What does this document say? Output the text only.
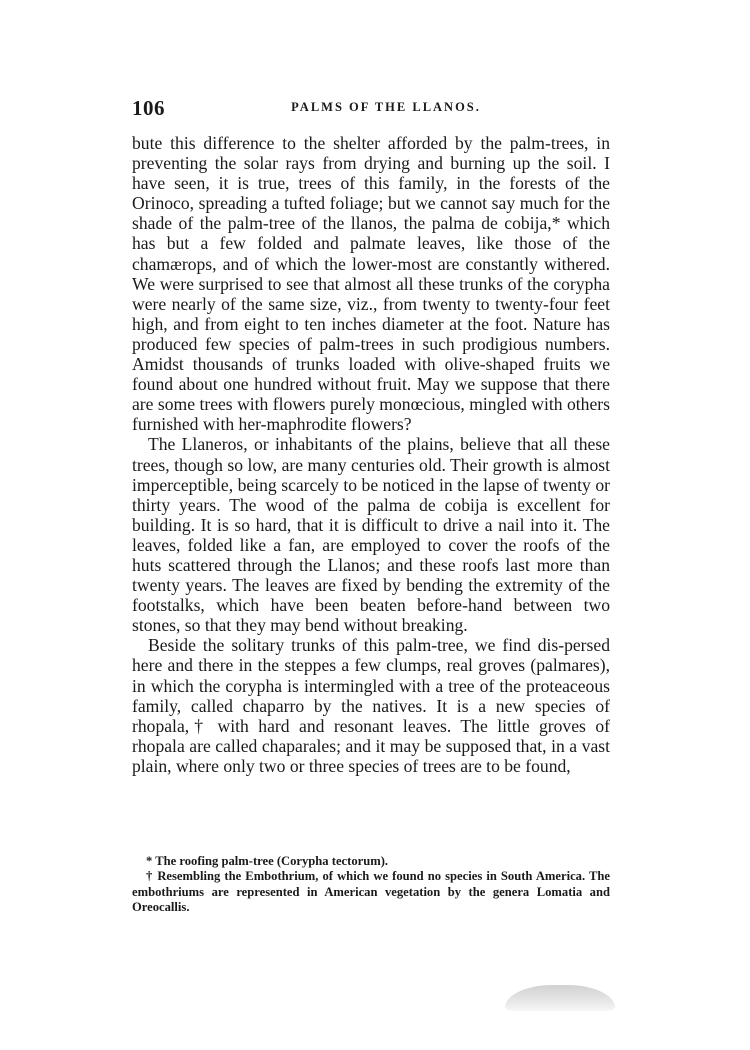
106	PALMS OF THE LLANOS.

bute this difference to the shelter afforded by the palm-trees, in preventing the solar rays from drying and burning up the soil. I have seen, it is true, trees of this family, in the forests of the Orinoco, spreading a tufted foliage; but we cannot say much for the shade of the palm-tree of the llanos, the palma de cobija,* which has but a few folded and palmate leaves, like those of the chamærops, and of which the lower-most are constantly withered. We were surprised to see that almost all these trunks of the corypha were nearly of the same size, viz., from twenty to twenty-four feet high, and from eight to ten inches diameter at the foot. Nature has produced few species of palm-trees in such prodigious numbers. Amidst thousands of trunks loaded with olive-shaped fruits we found about one hundred without fruit. May we suppose that there are some trees with flowers purely monœcious, mingled with others furnished with her-maphrodite flowers?

The Llaneros, or inhabitants of the plains, believe that all these trees, though so low, are many centuries old. Their growth is almost imperceptible, being scarcely to be noticed in the lapse of twenty or thirty years. The wood of the palma de cobija is excellent for building. It is so hard, that it is difficult to drive a nail into it. The leaves, folded like a fan, are employed to cover the roofs of the huts scattered through the Llanos; and these roofs last more than twenty years. The leaves are fixed by bending the extremity of the footstalks, which have been beaten before-hand between two stones, so that they may bend without breaking.

Beside the solitary trunks of this palm-tree, we find dis-persed here and there in the steppes a few clumps, real groves (palmares), in which the corypha is intermingled with a tree of the proteaceous family, called chaparro by the natives. It is a new species of rhopala,† with hard and resonant leaves. The little groves of rhopala are called chaparales; and it may be supposed that, in a vast plain, where only two or three species of trees are to be found,

* The roofing palm-tree (Corypha tectorum).

† Resembling the Embothrium, of which we found no species in South America. The embothriums are represented in American vegetation by the genera Lomatia and Oreocallis.
